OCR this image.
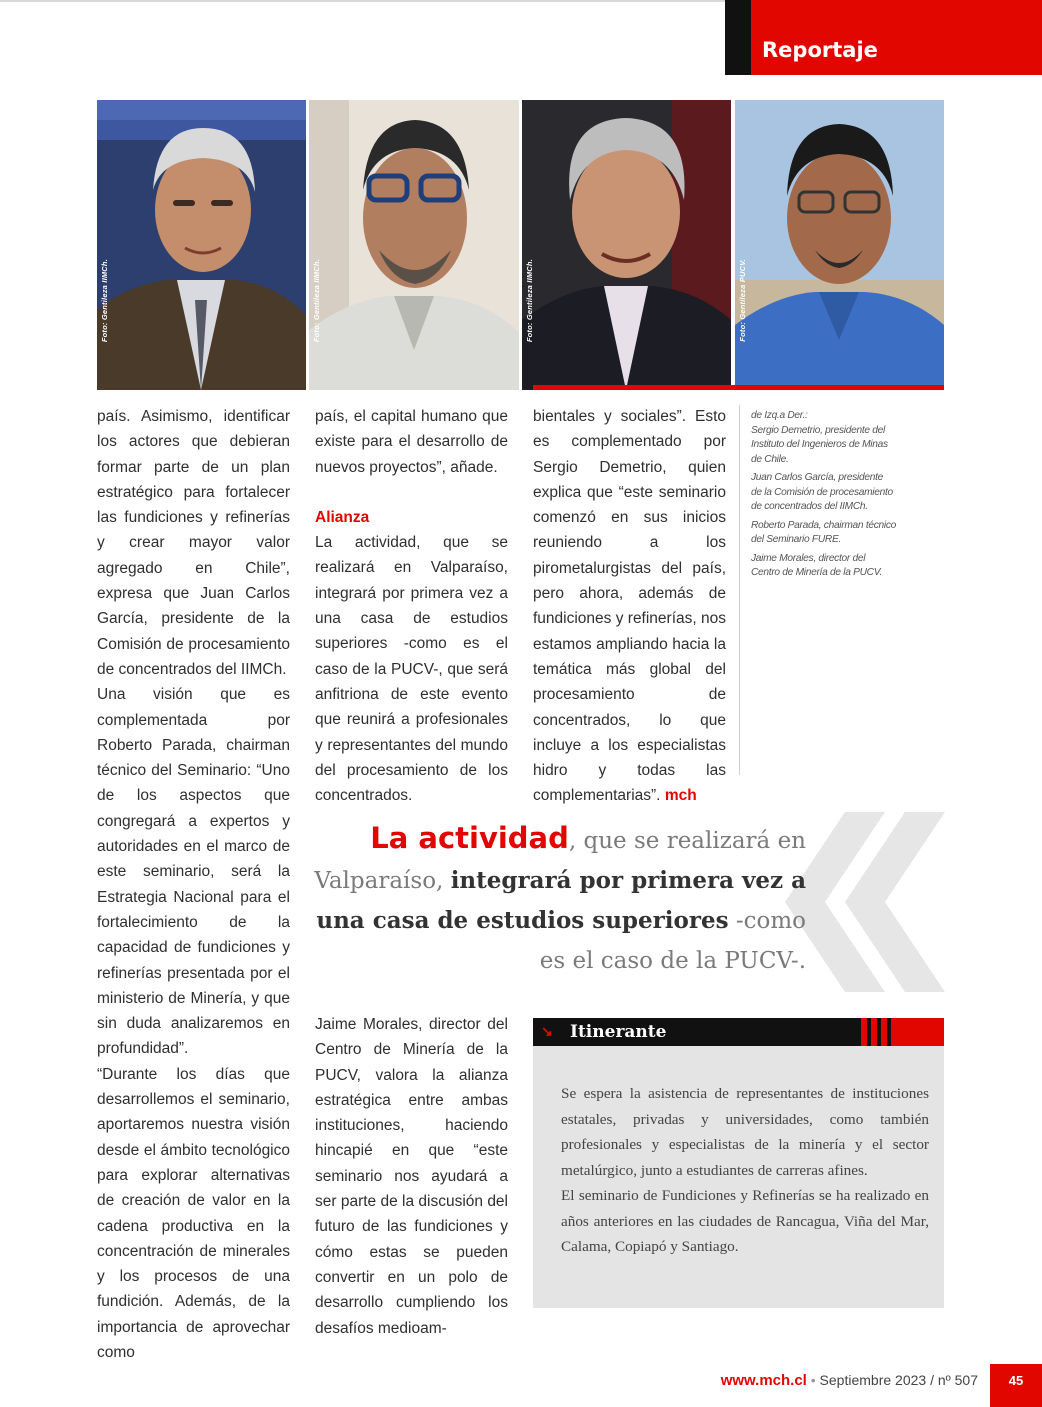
Reportaje
Foto: Gentileza IIMCh.	Foto: Gentileza IIMCh.	Foto: Gentileza IIMCh.	Foto: Gentileza PUCV.

país. Asimismo, identificar los actores que debieran formar parte de un plan estratégico para fortalecer las fundiciones y refinerías y crear mayor valor agregado en Chile”, expresa que Juan Carlos García, presidente de la Comisión de procesamiento de concentrados del IIMCh.

Una visión que es complementada por Roberto Parada, chairman técnico del Seminario: “Uno de los aspectos que congregará a expertos y autoridades en el marco de este seminario, será la Estrategia Nacional para el fortalecimiento de la capacidad de fundiciones y refinerías presentada por el ministerio de Minería, y que sin duda analizaremos en profundidad”.

“Durante los días que desarrollemos el seminario, aportaremos nuestra visión desde el ámbito tecnológico para explorar alternativas de creación de valor en la cadena productiva en la concentración de minerales y los procesos de una fundición. Además, de la importancia de aprovechar como

país, el capital humano que existe para el desarrollo de nuevos proyectos”, añade.

Alianza

La actividad, que se realizará en Valparaíso, integrará por primera vez a una casa de estudios superiores -como es el caso de la PUCV-, que será anfitriona de este evento que reunirá a profesionales y representantes del mundo del procesamiento de los concentrados.

Jaime Morales, director del Centro de Minería de la PUCV, valora la alianza estratégica entre ambas instituciones, haciendo hincapié en que “este seminario nos ayudará a ser parte de la discusión del futuro de las fundiciones y cómo estas se pueden convertir en un polo de desarrollo cumpliendo los desafíos medioam-

bientales y sociales”. Esto es complementado por Sergio Demetrio, quien explica que “este seminario comenzó en sus inicios reuniendo a los pirometalurgistas del país, pero ahora, además de fundiciones y refinerías, nos estamos ampliando hacia la temática más global del procesamiento de concentrados, lo que incluye a los especialistas hidro y todas las complementarias”. mch

de Izq.a Der.:

Sergio Demetrio, presidente del Instituto del Ingenieros de Minas de Chile.

Juan Carlos García, presidente de la Comisión de procesamiento de concentrados del IIMCh.

Roberto Parada, chairman técnico del Seminario FURE.

Jaime Morales, director del Centro de Minería de la PUCV.

La actividad, que se realizará en Valparaíso, integrará por primera vez a una casa de estudios superiores -como es el caso de la PUCV-.
↘ Itinerante

Se espera la asistencia de representantes de instituciones estatales, privadas y universidades, como también profesionales y especialistas de la minería y el sector metalúrgico, junto a estudiantes de carreras afines.

El seminario de Fundiciones y Refinerías se ha realizado en años anteriores en las ciudades de Rancagua, Viña del Mar, Calama, Copiapó y Santiago.

www.mch.cl • Septiembre 2023 / nº 507	45
